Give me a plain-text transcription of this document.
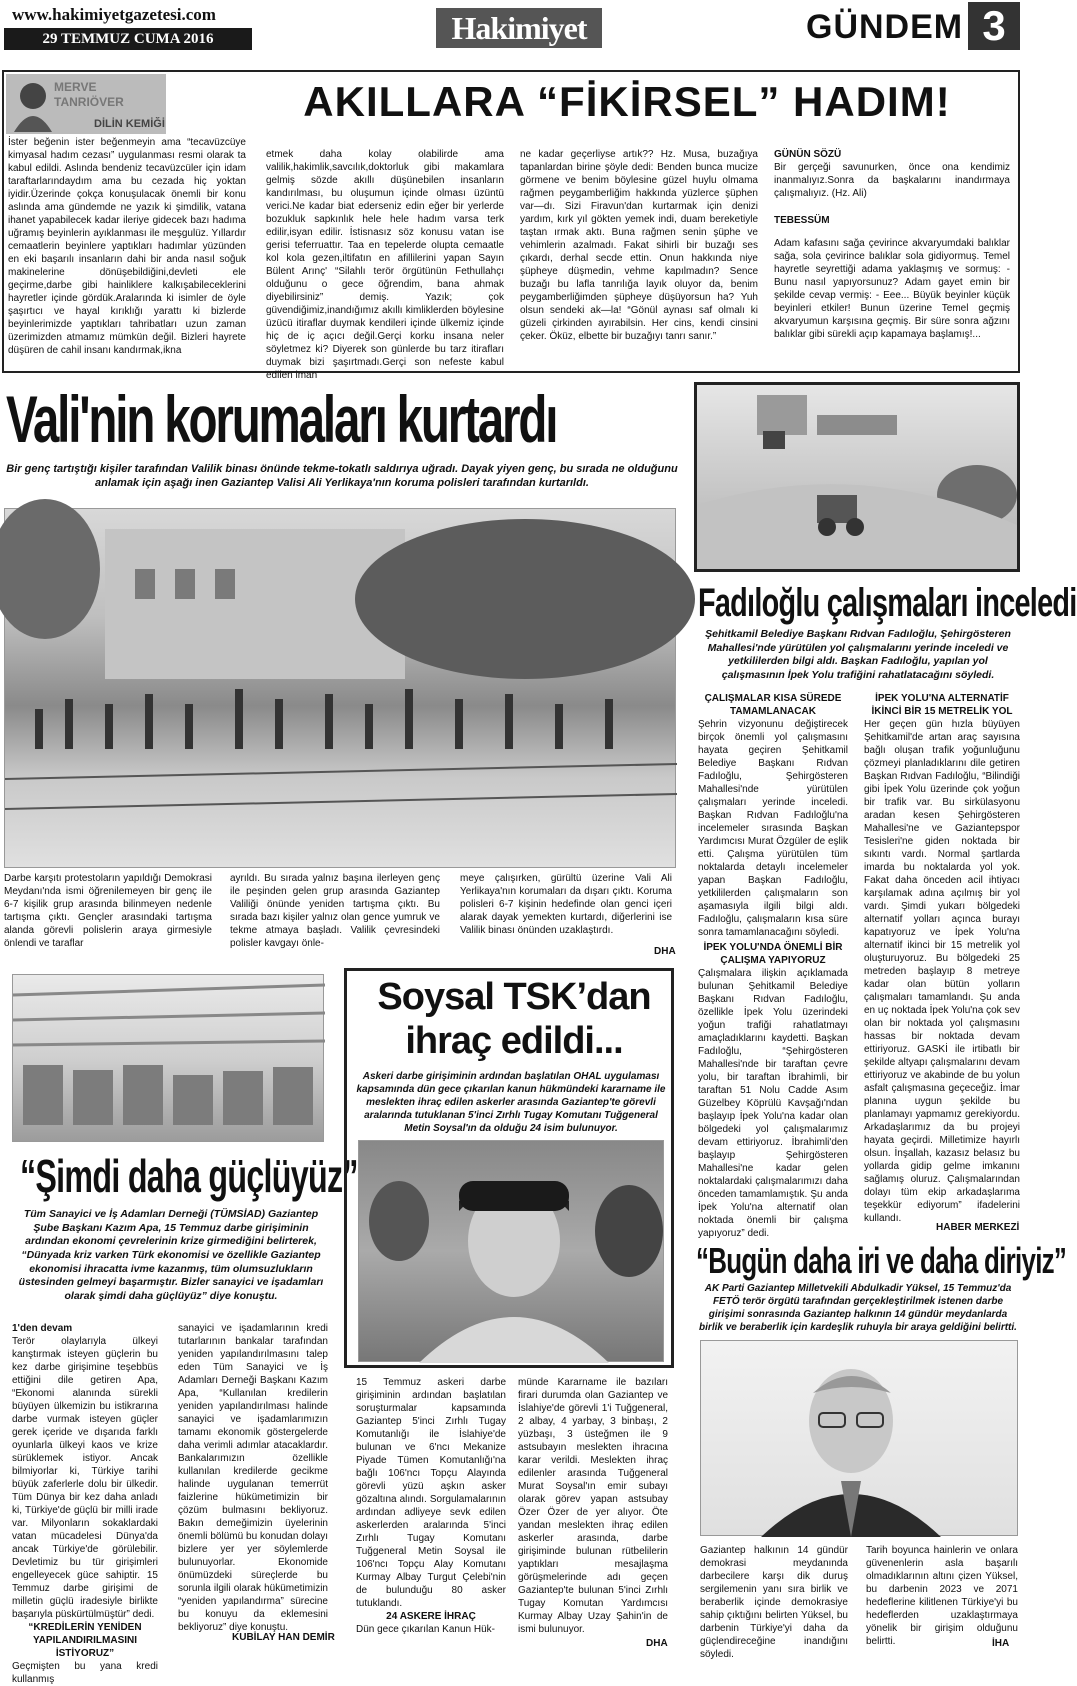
www.hakimiyetgazetesi.com
29 TEMMUZ CUMA 2016	Hakimiyet	GÜNDEM 3
MERVE TANRIÖVER
DİLİN KEMİĞİ	AKILLARA “FİKİRSEL” HADIM!
İster beğenin ister beğenmeyin ama “tecavüzcüye kimyasal hadım cezası” uygulanması resmi olarak ta kabul edildi. Aslında bendeniz tecavüzcüler için idam taraftarlarındaydım ama bu cezada hiç yoktan iyidir.Üzerinde çokça konuşulacak önemli bir konu aslında ama gündemde ne yazık ki şimdilik, vatana ihanet yapabilecek kadar ileriye gidecek bazı hadıma uğramış beyinlerin ayıklanması ile meşgulüz. Yıllardır cemaatlerin beyinlere yaptıkları hadımlar yüzünden en eki başarılı insanların dahi bir anda nasıl soğuk makinelerine dönüşebildiğini,devleti ele geçirme,darbe gibi hainliklere kalkışabileceklerini hayretler içinde gördük.Aralarında ki isimler de öyle şaşırtıcı ve hayal kırıklığı yarattı ki bizlerde beyinlerimizde yaptıkları tahribatları uzun zaman üzerimizden atmamız mümkün değil. Bizleri hayrete düşüren de cahil insanı kandırmak,ikna
etmek daha kolay olabilirde ama valilik,hakimlik,savcılık,doktorluk gibi makamlara gelmiş sözde akıllı düşünebilen insanların kandırılması, bu oluşumun içinde olması üzüntü verici.Ne kadar biat ederseniz edin eğer bir yerlerde bozukluk sapkınlık hele hele hadım varsa terk edilir,isyan edilir. İstisnasız söz konusu vatan ise gerisi teferruattır. Taa en tepelerde olupta cemaatle kol kola gezen,iltifatın en afillilerini yapan Sayın Bülent Arınç' “Silahlı terör örgütünün Fethullahçı olduğunu o gece öğrendim, bana ahmak diyebilirsiniz” demiş. Yazık; çok güvendiğimiz,inandığımız akıllı kimliklerden böylesine üzücü itiraflar duymak kendileri içinde ülkemiz içinde hiç de iç açıcı değil.Gerçi korku insana neler söyletmez ki? Diyerek son günlerde bu tarz itirafları duymak bizi şaşırtmadı.Gerçi son nefeste kabul edilen iman
ne kadar geçerliyse artık?? Hz. Musa, buzağıya tapanlardan birine şöyle dedi: Benden bunca mucize görmene ve benim böylesine güzel huylu olmama rağmen peygamberliğim hakkında yüzlerce şüphen var—dı. Sizi Firavun'dan kurtarmak için denizi yardım, kırk yıl gökten yemek indi, duam bereketiyle taştan ırmak aktı. Buna rağmen senin şüphe ve vehimlerin azalmadı. Fakat sihirli bir buzağı ses çıkardı, derhal secde ettin. Onun hakkında niye şüpheye düşmedin, vehme kapılmadın? Sence buzağı bu lafla tanrılığa layık oluyor da, benim peygamberliğimden şüpheye düşüyorsun ha? Yuh olsun sendeki ak—la! “Gönül aynası saf olmalı ki güzeli çirkinden ayırabilsin. Her cins, kendi cinsini çeker. Öküz, elbette bir buzağıyı tanrı sanır.”
GÜNÜN SÖZÜ
Bir gerçeği savunurken, önce ona kendimiz inanmalıyız.Sonra da başkalarını inandırmaya çalışmalıyız. (Hz. Ali)
TEBESSÜM
Adam kafasını sağa çevirince akvaryumdaki balıklar sağa, sola çevirince balıklar sola gidiyormuş. Temel hayretle seyrettiği adama yaklaşmış ve sormuş: - Bunu nasıl yapıyorsunuz? Adam gayet emin bir şekilde cevap vermiş: - Eee... Büyük beyinler küçük beyinleri etkiler! Bunun üzerine Temel geçmiş akvaryumun karşısına geçmiş. Bir süre sonra ağzını balıklar gibi sürekli açıp kapamaya başlamış!...
Vali'nin korumaları kurtardı
Bir genç tartıştığı kişiler tarafından Valilik binası önünde tekme-tokatlı saldırıya uğradı. Dayak yiyen genç, bu sırada ne olduğunu anlamak için aşağı inen Gaziantep Valisi Ali Yerlikaya'nın koruma polisleri tarafından kurtarıldı.
Darbe karşıtı protestoların yapıldığı Demokrasi Meydanı'nda ismi öğrenilemeyen bir genç ile 6-7 kişilik grup arasında bilinmeyen nedenle tartışma çıktı. Gençler arasındaki tartışma alanda görevli polislerin araya girmesiyle önlendi ve taraflar
ayrıldı. Bu sırada yalnız başına ilerleyen genç ile peşinden gelen grup arasında Gaziantep Valiliği önünde yeniden tartışma çıktı. Bu sırada bazı kişiler yalnız olan gence yumruk ve tekme atmaya başladı. Valilik çevresindeki polisler kavgayı önle-
meye çalışırken, gürültü üzerine Vali Ali Yerlikaya'nın korumaları da dışarı çıktı. Koruma polisleri 6-7 kişinin hedefinde olan genci içeri alarak dayak yemekten kurtardı, diğerlerini ise Valilik binası önünden uzaklaştırdı.
DHA
Fadıloğlu çalışmaları inceledi
Şehitkamil Belediye Başkanı Rıdvan Fadıloğlu, Şehirgösteren Mahallesi'nde yürütülen yol çalışmalarını yerinde inceledi ve yetkililerden bilgi aldı. Başkan Fadıloğlu, yapılan yol çalışmasının İpek Yolu trafiğini rahatlatacağını söyledi.
ÇALIŞMALAR KISA SÜREDE TAMAMLANACAK
Şehrin vizyonunu değiştirecek birçok önemli yol çalışmasını hayata geçiren Şehitkamil Belediye Başkanı Rıdvan Fadıloğlu, Şehirgösteren Mahallesi'nde yürütülen çalışmaları yerinde inceledi. Başkan Rıdvan Fadıloğlu'na incelemeler sırasında Başkan Yardımcısı Murat Özgüler de eşlik etti. Çalışma yürütülen tüm noktalarda detaylı incelemeler yapan Başkan Fadıloğlu, yetkililerden çalışmaların son aşamasıyla ilgili bilgi aldı. Fadıloğlu, çalışmaların kısa süre sonra tamamlanacağını söyledi.
İPEK YOLU'NDA ÖNEMLİ BİR ÇALIŞMA YAPIYORUZ
Çalışmalara ilişkin açıklamada bulunan Şehitkamil Belediye Başkanı Rıdvan Fadıloğlu, özellikle İpek Yolu üzerindeki yoğun trafiği rahatlatmayı amaçladıklarını kaydetti. Başkan Fadıloğlu, “Şehirgösteren Mahallesi'nde bir taraftan çevre yolu, bir taraftan İbrahimli, bir taraftan 51 Nolu Cadde Asım Güzelbey Köprülü Kavşağı'ndan başlayıp İpek Yolu'na kadar olan bölgedeki yol çalışmalarımız devam ettiriyoruz. İbrahimli'den başlayıp Şehirgösteren Mahallesi'ne kadar gelen noktalardaki çalışmalarımızı daha önceden tamamlamıştık. Şu anda İpek Yolu'na alternatif olan noktada önemli bir çalışma yapıyoruz” dedi.
İPEK YOLU'NA ALTERNATİF İKİNCİ BİR 15 METRELİK YOL
Her geçen gün hızla büyüyen Şehitkamil'de artan araç sayısına bağlı oluşan trafik yoğunluğunu çözmeyi planladıklarını dile getiren Başkan Rıdvan Fadıloğlu, “Bilindiği gibi İpek Yolu üzerinde çok yoğun bir trafik var. Bu sirkülasyonu aradan kesen Şehirgösteren Mahallesi'ne ve Gaziantepspor Tesisleri'ne giden noktada bir sıkıntı vardı. Normal şartlarda imarda bu noktalarda yol yok. Fakat daha önceden acil ihtiyacı karşılamak adına açılmış bir yol vardı. Şimdi yukarı bölgedeki alternatif yolları açınca burayı kapatıyoruz ve İpek Yolu'na alternatif ikinci bir 15 metrelik yol oluşturuyoruz. Bu bölgedeki 25 metreden başlayıp 8 metreye kadar olan bütün yolların çalışmaları tamamlandı. Şu anda en uç noktada İpek Yolu'na çok sev olan bir noktada yol çalışmasını hassas bir noktada devam ettiriyoruz. GASKİ ile irtibatlı bir şekilde altyapı çalışmalarını devam ettiriyoruz ve akabinde de bu yolun asfalt çalışmasına geçeceğiz. İmar planına uygun şekilde bu planlamayı yapmamız gerekiyordu. Arkadaşlarımız da bu projeyi hayata geçirdi. Milletimize hayırlı olsun. İnşallah, kazasız belasız bu yollarda gidip gelme imkanını sağlamış oluruz. Çalışmalarından dolayı tüm ekip arkadaşlarıma teşekkür ediyorum” ifadelerini kullandı.
HABER MERKEZİ
“Şimdi daha güçlüyüz”
Tüm Sanayici ve İş Adamları Derneği (TÜMSİAD) Gaziantep Şube Başkanı Kazım Apa, 15 Temmuz darbe girişiminin ardından ekonomi çevrelerinin krize girmediğini belirterek, “Dünyada kriz varken Türk ekonomisi ve özellikle Gaziantep ekonomisi ihracatta ivme kazanmış, tüm olumsuzlukların üstesinden gelmeyi başarmıştır. Bizler sanayici ve işadamları olarak şimdi daha güçlüyüz” diye konuştu.
1'den devam
Terör olaylarıyla ülkeyi kanştırmak isteyen güçlerin bu kez darbe girişimine teşebbüs ettiğini dile getiren Apa, “Ekonomi alanında sürekli büyüyen ülkemizin bu istikrarına darbe vurmak isteyen güçler gerek içeride ve dışarıda farklı oyunlarla ülkeyi kaos ve krize sürüklemek istiyor. Ancak bilmiyorlar ki, Türkiye tarihi büyük zaferlerle dolu bir ülkedir. Tüm Dünya bir kez daha anladı ki, Türkiye'de güçlü bir milli irade var. Milyonların sokaklardaki vatan mücadelesi Dünya'da ancak Türkiye'de görülebilir. Devletimiz bu tür girişimleri engelleyecek güce sahiptir. 15 Temmuz darbe girişimi de milletin güçlü iradesiyle birlikte başarıyla püskürtülmüştür” dedi.
“KREDİLERİN YENİDEN YAPILANDIRILMASINI İSTİYORUZ”
Geçmişten bu yana kredi kullanmış
sanayici ve işadamlarının kredi tutarlarının bankalar tarafından yeniden yapılandırılmasını talep eden Tüm Sanayici ve İş Adamları Derneği Başkanı Kazım Apa, “Kullanılan kredilerin yeniden yapılandırılması halinde sanayici ve işadamlarımızın tamamı ekonomik göstergelerde daha verimli adımlar atacaklardır. Bankalarımızın özellikle kullanılan kredilerde gecikme halinde uygulanan temerrüt faizlerine hükümetimizin bir çözüm bulmasını bekliyoruz. Bakın demeğimizin üyelerinin önemli bölümü bu konudan dolayı bizlere yer yer söylemlerde bulunuyorlar. Ekonomide önümüzdeki süreçlerde bu sorunla ilgili olarak hükümetimizin “yeniden yapılandırma” sürecine bu konuyu da eklemesini bekliyoruz” diye konuştu.
KUBİLAY HAN DEMİR
Soysal TSK’dan
ihraç edildi...
Askeri darbe girişiminin ardından başlatılan OHAL uygulaması kapsamında dün gece çıkarılan kanun hükmündeki kararname ile meslekten ihraç edilen askerler arasında Gaziantep'te görevli aralarında tutuklanan 5'inci Zırhlı Tugay Komutanı Tuğgeneral Metin Soysal'ın da olduğu 24 isim bulunuyor.
15 Temmuz askeri darbe girişiminin ardından başlatılan soruşturmalar kapsamında Gaziantep 5'inci Zırhlı Tugay Komutanlığı ile İslahiye'de bulunan ve 6'ncı Mekanize Piyade Tümen Komutanlığı'na bağlı 106'ncı Topçu Alayında görevli yüzü aşkın asker gözaltına alındı. Sorgulamalarının ardından adliyeye sevk edilen askerlerden aralarında 5'inci Zırhlı Tugay Komutanı Tuğgeneral Metin Soysal ile 106'ncı Topçu Alay Komutanı Kurmay Albay Turgut Çelebi'nin de bulunduğu 80 asker tutuklandı.
24 ASKERE İHRAÇ
Dün gece çıkarılan Kanun Hük-
münde Kararname ile bazıları firari durumda olan Gaziantep ve İslahiye'de görevli 1'i Tuğgeneral, 2 albay, 4 yarbay, 3 binbaşı, 2 yüzbaşı, 3 üsteğmen ile 9 astsubayın meslekten ihracına karar verildi. Meslekten ihraç edilenler arasında Tuğgeneral Murat Soysal'ın emir subayı olarak görev yapan astsubay Özer Özer de yer alıyor. Öte yandan meslekten ihraç edilen askerler arasında, darbe girişiminde bulunan rütbelilerin yaptıkları mesajlaşma görüşmelerinde adı geçen Gaziantep'te bulunan 5'inci Zırhlı Tugay Komutan Yardımcısı Kurmay Albay Uzay Şahin'in de ismi bulunuyor.
DHA
“Bugün daha iri ve daha diriyiz”
AK Parti Gaziantep Milletvekili Abdulkadir Yüksel, 15 Temmuz'da FETÖ terör örgütü tarafından gerçekleştirilmek istenen darbe girişimi sonrasında Gaziantep halkının 14 gündür meydanlarda birlik ve beraberlik için kardeşlik ruhuyla bir araya geldiğini belirtti.
Gaziantep halkının 14 gündür demokrasi meydanında darbecilere karşı dik duruş sergilemenin yanı sıra birlik ve beraberlik içinde demokrasiye sahip çıktığını belirten Yüksel, bu darbenin Türkiye'yi daha da güçlendireceğine inandığını söyledi.
Tarih boyunca hainlerin ve onlara güvenenlerin asla başarılı olmadıklarının altını çizen Yüksel, bu darbenin 2023 ve 2071 hedeflerine kilitlenen Türkiye'yi bu hedeflerden uzaklaştırmaya yönelik bir girişim olduğunu belirtti.	İHA
